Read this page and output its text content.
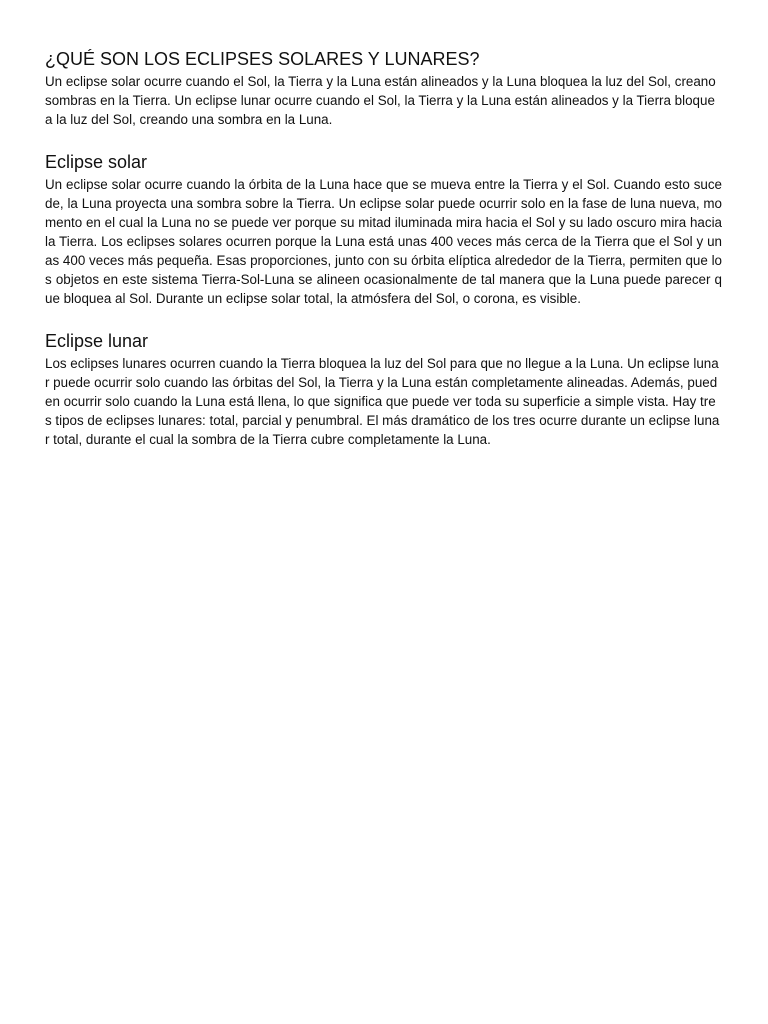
¿QUÉ SON LOS ECLIPSES SOLARES Y LUNARES?

Un eclipse solar ocurre cuando el Sol, la Tierra y la Luna están alineados y la Luna bloquea la luz del Sol, creano sombras en la Tierra. Un eclipse lunar ocurre cuando el Sol, la Tierra y la Luna están alineados y la Tierra bloquea la luz del Sol, creando una sombra en la Luna.

Eclipse solar

Un eclipse solar ocurre cuando la órbita de la Luna hace que se mueva entre la Tierra y el Sol. Cuando esto sucede, la Luna proyecta una sombra sobre la Tierra. Un eclipse solar puede ocurrir solo en la fase de luna nueva, momento en el cual la Luna no se puede ver porque su mitad iluminada mira hacia el Sol y su lado oscuro mira hacia la Tierra. Los eclipses solares ocurren porque la Luna está unas 400 veces más cerca de la Tierra que el Sol y unas 400 veces más pequeña. Esas proporciones, junto con su órbita elíptica alrededor de la Tierra, permiten que los objetos en este sistema Tierra-Sol-Luna se alineen ocasionalmente de tal manera que la Luna puede parecer que bloquea al Sol. Durante un eclipse solar total, la atmósfera del Sol, o corona, es visible.

Eclipse lunar

Los eclipses lunares ocurren cuando la Tierra bloquea la luz del Sol para que no llegue a la Luna. Un eclipse lunar puede ocurrir solo cuando las órbitas del Sol, la Tierra y la Luna están completamente alineadas. Además, pueden ocurrir solo cuando la Luna está llena, lo que significa que puede ver toda su superficie a simple vista. Hay tres tipos de eclipses lunares: total, parcial y penumbral. El más dramático de los tres ocurre durante un eclipse lunar total, durante el cual la sombra de la Tierra cubre completamente la Luna.
